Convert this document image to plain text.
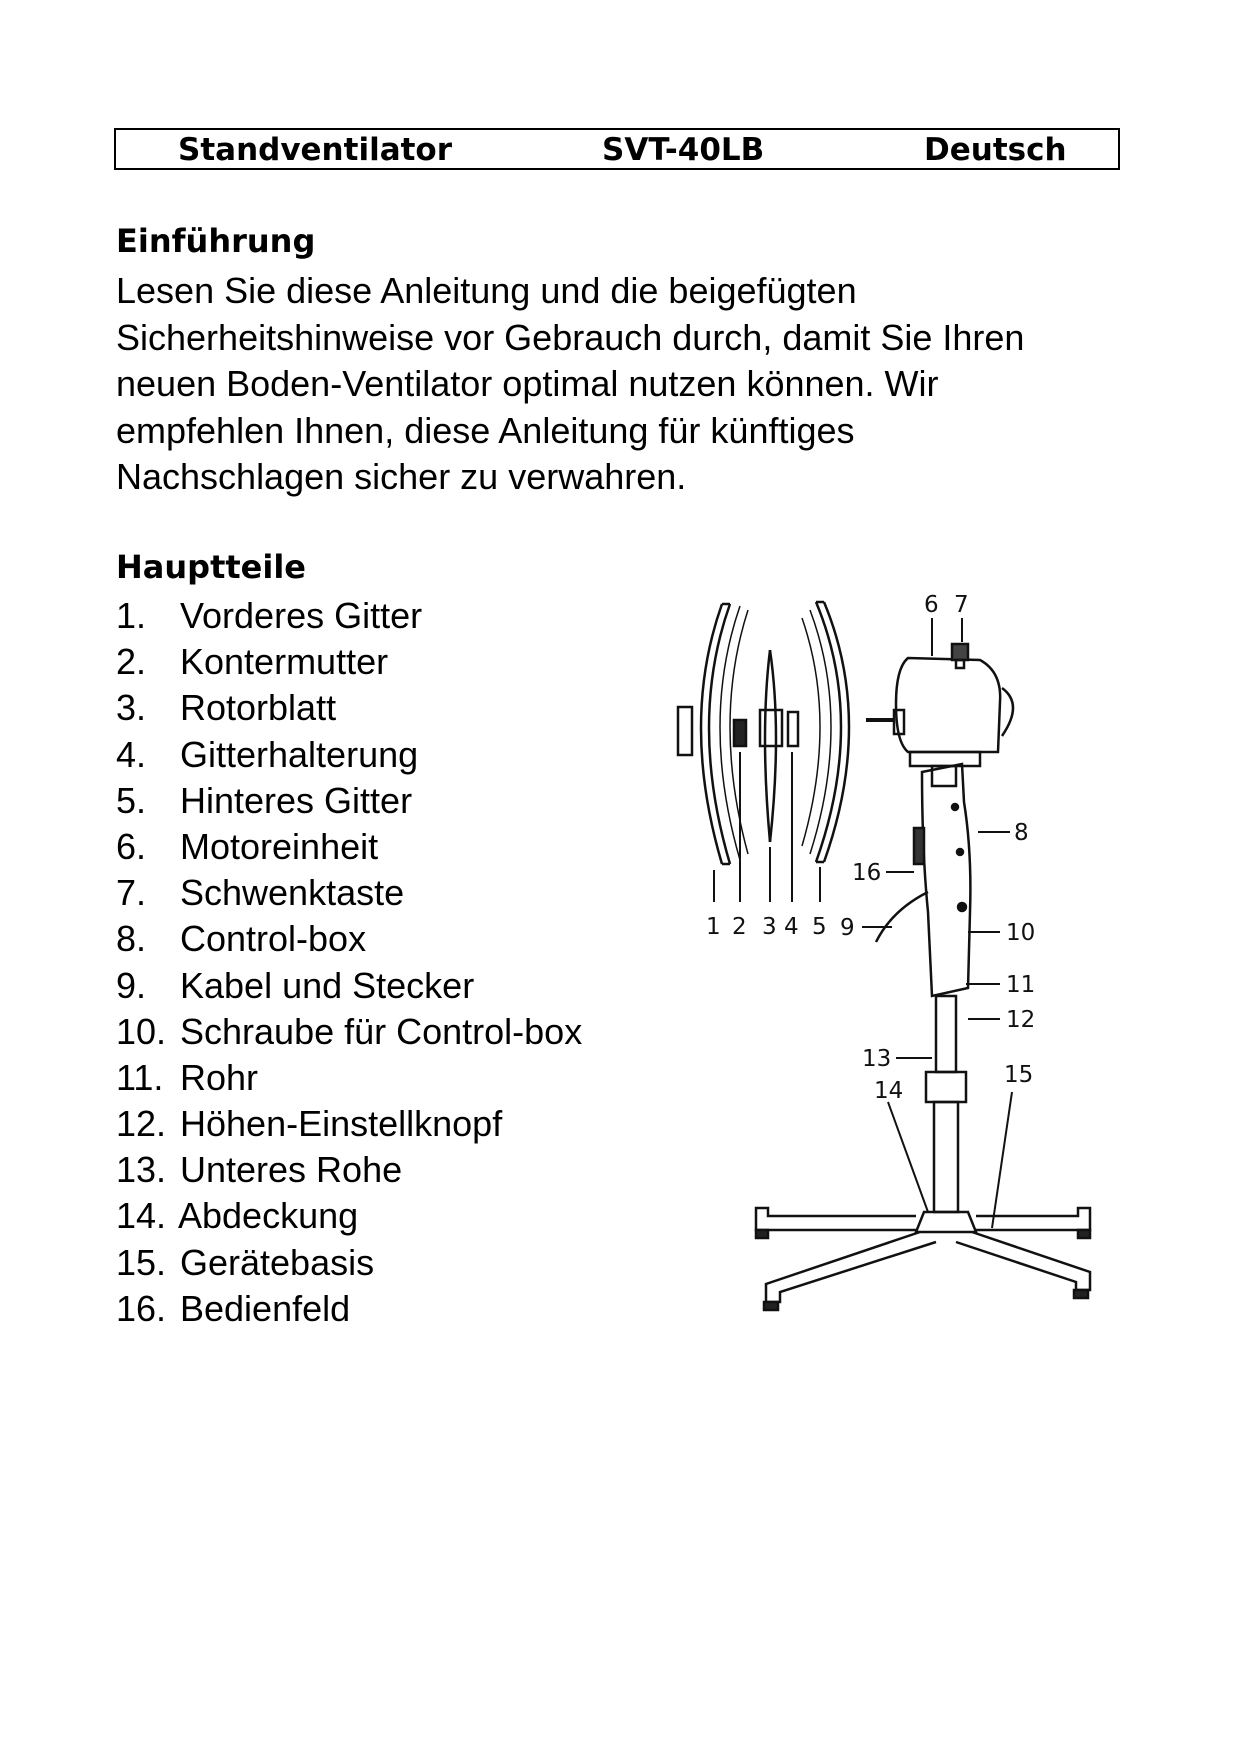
Standventilator	SVT-40LB	Deutsch
Einführung

Lesen Sie diese Anleitung und die beigefügten
Sicherheitshinweise vor Gebrauch durch, damit Sie Ihren
neuen Boden-Ventilator optimal nutzen können. Wir
empfehlen Ihnen, diese Anleitung für künftiges
Nachschlagen sicher zu verwahren.

Hauptteile
1. Vorderes Gitter
2. Kontermutter
3. Rotorblatt
4. Gitterhalterung
5. Hinteres Gitter
6. Motoreinheit
7. Schwenktaste
8. Control-box
9. Kabel und Stecker
10. Schraube für Control-box
11. Rohr
12. Höhen-Einstellknopf
13. Unteres Rohe
14. Abdeckung
15. Gerätebasis
16. Bedienfeld
1 2 3 4 5
6 7
8
9	10
11
12
13
14
15
16
